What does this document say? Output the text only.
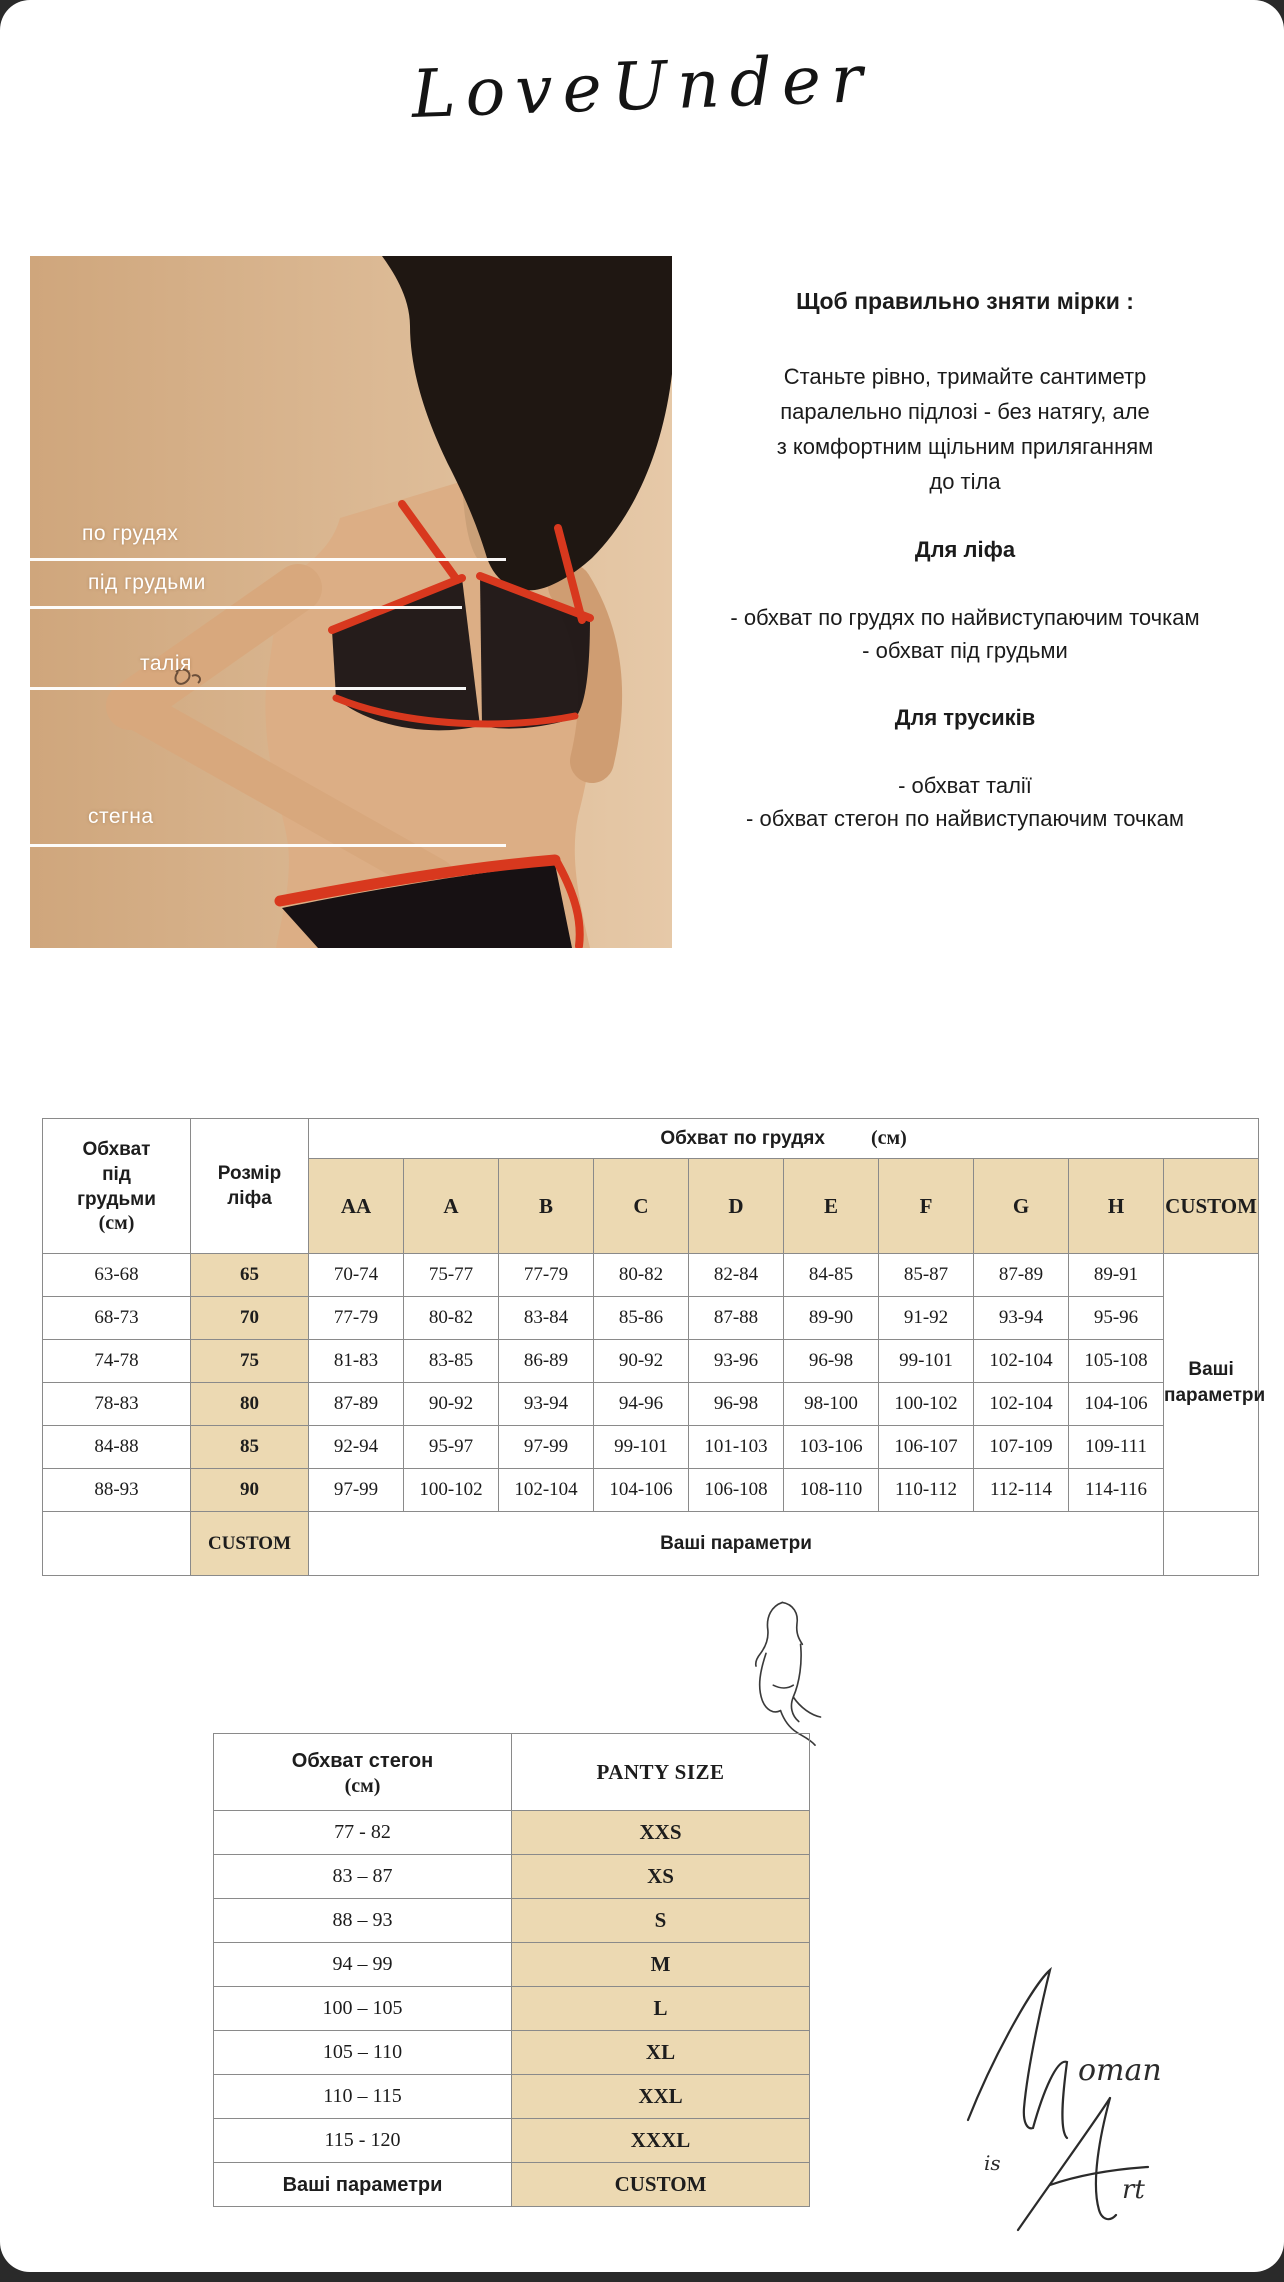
LoveUnder
по грудях
під грудьми
талія
стегна
Щоб правильно зняти мірки :
Станьте рівно, тримайте сантиметр
паралельно підлозі - без натягу, але
з комфортним щільним приляганням
до тіла
Для ліфа
- обхват по грудях по найвиступаючим точкам
- обхват під грудьми
Для трусиків
- обхват талії
- обхват стегон по найвиступаючим точкам
Обхват
під
грудьми
(см)

Розмір
ліфа

Обхват по грудях (см)

		AA	A	B	C	D	E	F	G	H	CUSTOM
63-68	65	70-74	75-77	77-79	80-82	82-84	84-85	85-87	87-89	89-91	Ваші
параметри
68-73	70	77-79	80-82	83-84	85-86	87-88	89-90	91-92	93-94	95-96	
74-78	75	81-83	83-85	86-89	90-92	93-96	96-98	99-101	102-104	105-108	
78-83	80	87-89	90-92	93-94	94-96	96-98	98-100	100-102	102-104	104-106	
84-88	85	92-94	95-97	97-99	99-101	101-103	103-106	106-107	107-109	109-111	
88-93	90	97-99	100-102	102-104	104-106	106-108	108-110	110-112	112-114	114-116	
	CUSTOM	Ваші параметри									
Обхват стегон
(см)	PANTY SIZE
77 - 82	XXS
83 – 87	XS
88 – 93	S
94 – 99	M
100 – 105	L
105 – 110	XL
110 – 115	XXL
115 - 120	XXXL
Ваші параметри	CUSTOM
oman
is
rt
